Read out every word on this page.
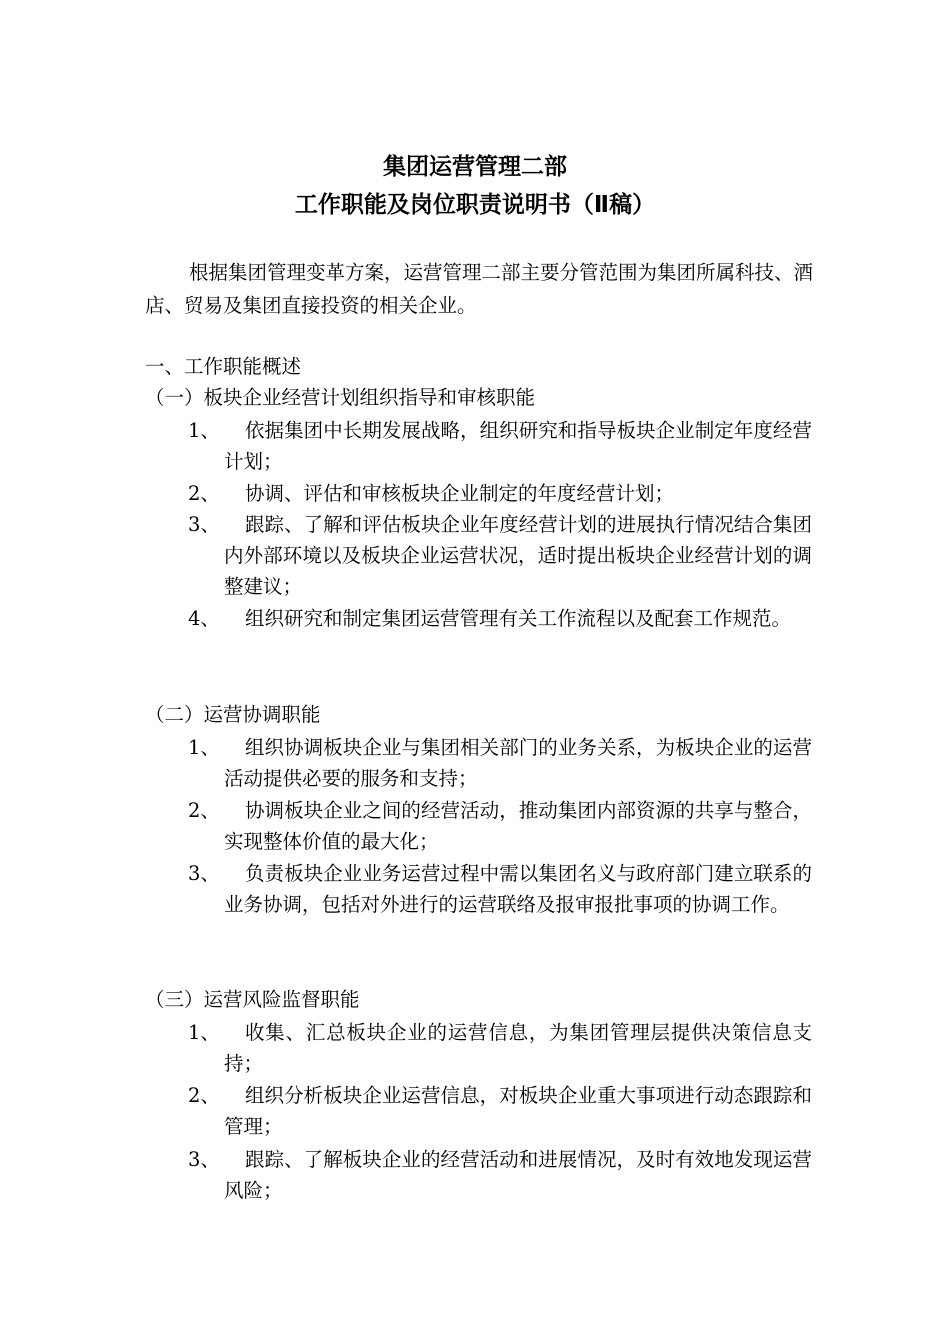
集团运营管理二部
工作职能及岗位职责说明书（Ⅱ稿）
根据集团管理变革方案，运营管理二部主要分管范围为集团所属科技、酒店、贸易及集团直接投资的相关企业。
一、工作职能概述
（一）板块企业经营计划组织指导和审核职能
1、	依据集团中长期发展战略，组织研究和指导板块企业制定年度经营计划；
2、	协调、评估和审核板块企业制定的年度经营计划；
3、	跟踪、了解和评估板块企业年度经营计划的进展执行情况结合集团内外部环境以及板块企业运营状况，适时提出板块企业经营计划的调整建议；
4、	组织研究和制定集团运营管理有关工作流程以及配套工作规范。
（二）运营协调职能
1、	组织协调板块企业与集团相关部门的业务关系，为板块企业的运营活动提供必要的服务和支持；
2、	协调板块企业之间的经营活动，推动集团内部资源的共享与整合，实现整体价值的最大化；
3、	负责板块企业业务运营过程中需以集团名义与政府部门建立联系的业务协调，包括对外进行的运营联络及报审报批事项的协调工作。
（三）运营风险监督职能
1、	收集、汇总板块企业的运营信息，为集团管理层提供决策信息支持；
2、	组织分析板块企业运营信息，对板块企业重大事项进行动态跟踪和管理；
3、	跟踪、了解板块企业的经营活动和进展情况，及时有效地发现运营风险；
